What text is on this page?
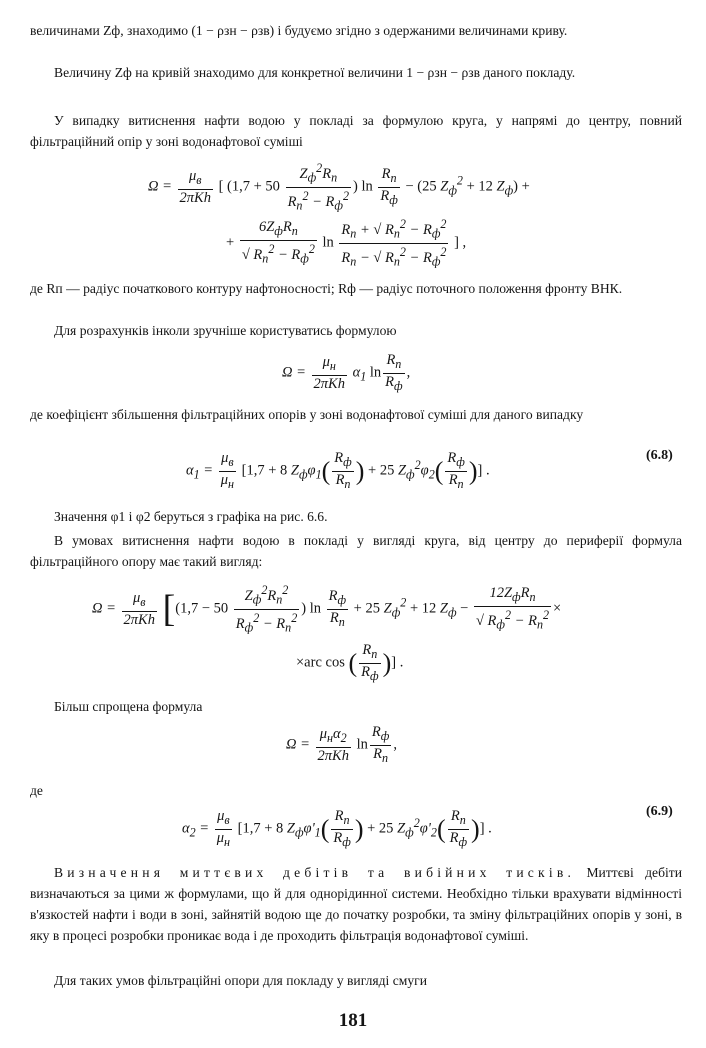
величинами Zф, знаходимо (1 − ρзн − ρзв) і будуємо згідно з одержаними величинами криву.

Величину Zф на кривій знаходимо для конкретної величини 1 − ρзн − ρзв даного покладу.

У випадку витиснення нафти водою у покладі за формулою круга, у напрямі до центру, повний фільтраційний опір у зоні водонафтової суміші

$\Omega = \frac{\mu_в}{\text{2πKh}}$ [ ($1,7 + 50 \frac{Z_ф^2R_п}{R_п^2 - R_ф^2}$ ) $\ln \frac{R_п}{R_ф} - (25$ $Z_ф^2 + 12$ $Z_ф$) +
+ $\frac{6Z_фR_п}{√ R_п^2 - R_ф^2}$ $\ln \frac{R_п + √ R_п^2 - R_ф^2}{R_п - √ R_п^2 - R_ф^2}$ ] ,

де Rп — радіус початкового контуру нафтоносності; Rф — радіус поточного положення фронту ВНК.

Для розрахунків інколи зручніше користуватись формулою

$\Omega = \frac{\mu_н}{\text{2πKh}} \alpha_1$ $\ln \frac{R_п}{R_ф}$ ,

де коефіцієнт збільшення фільтраційних опорів у зоні водонафтової суміші для даного випадку

$\alpha_1 = \frac{\mu_в}{\mu_н} [1,7 + 8$ $Z_ф\varphi_1( \frac{R_ф}{R_п}$ ) + 25 $Z_ф^2\varphi_2( \frac{R_ф}{R_п}$ )] .
(6.8)

Значення φ1 і φ2 беруться з графіка на рис. 6.6.

В умовах витиснення нафти водою в покладі у вигляді круга, від центру до периферії формула фільтраційного опору має такий вигляд:

$\Omega = \frac{\mu_в}{\text{2πKh}} [(1,7 - 50 \frac{Z_ф^2R_п^2}{R_ф^2 - R_п^2}$ ) $\ln \frac{R_ф}{R_п} + 25$ $Z_ф^2 + 12$ $Z_ф - \frac{12Z_фR_п}{√ R_ф^2 - R_п^2}$ ×
×arc cos ( $\frac{R_п}{R_ф}$ )] .

Більш спрощена формула

$\Omega = \frac{\mu_н\alpha_2}{\text{2πKh}}$ $\ln \frac{R_ф}{R_п}$ ,

де

$\alpha_2 = \frac{\mu_в}{\mu_н} [1,7 + 8$ $Z_ф\varphi'_1( \frac{R_п}{R_ф}$ ) + 25 $Z_ф^2\varphi'_2( \frac{R_п}{R_ф}$ )] .
(6.9)

Визначення миттєвих дебітів та вибійних тисків. Миттєві дебіти визначаються за цими ж формулами, що й для однорідинної системи. Необхідно тільки врахувати відмінності в'язкостей нафти і води в зоні, зайнятій водою ще до початку розробки, та зміну фільтраційних опорів у зоні, в яку в процесі розробки проникає вода і де проходить фільтрація водонафтової суміші.

Для таких умов фільтраційні опори для покладу у вигляді смуги

181
